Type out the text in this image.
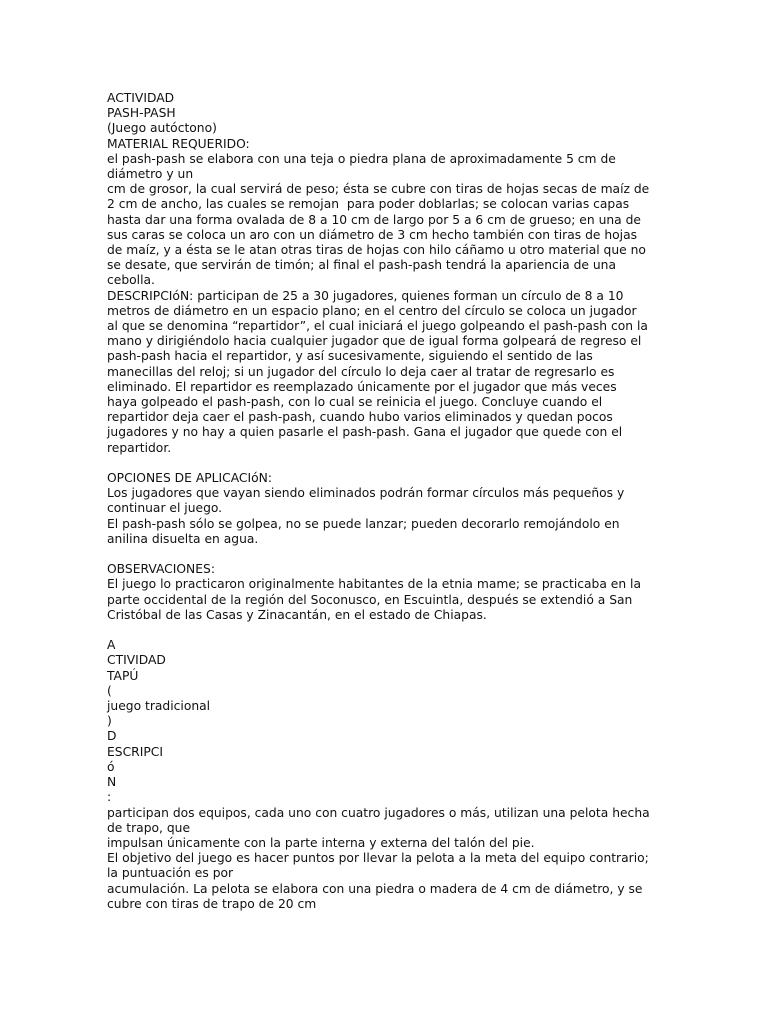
ACTIVIDAD
PASH-PASH
(Juego autóctono)
MATERIAL REQUERIDO:
el pash-pash se elabora con una teja o piedra plana de aproximadamente 5 cm de
diámetro y un
cm de grosor, la cual servirá de peso; ésta se cubre con tiras de hojas secas de maíz de
2 cm de ancho, las cuales se remojan  para poder doblarlas; se colocan varias capas
hasta dar una forma ovalada de 8 a 10 cm de largo por 5 a 6 cm de grueso; en una de
sus caras se coloca un aro con un diámetro de 3 cm hecho también con tiras de hojas
de maíz, y a ésta se le atan otras tiras de hojas con hilo cáñamo u otro material que no
se desate, que servirán de timón; al final el pash-pash tendrá la apariencia de una
cebolla.
DESCRIPCIóN: participan de 25 a 30 jugadores, quienes forman un círculo de 8 a 10
metros de diámetro en un espacio plano; en el centro del círculo se coloca un jugador
al que se denomina “repartidor”, el cual iniciará el juego golpeando el pash-pash con la
mano y dirigiéndolo hacia cualquier jugador que de igual forma golpeará de regreso el
pash-pash hacia el repartidor, y así sucesivamente, siguiendo el sentido de las
manecillas del reloj; si un jugador del círculo lo deja caer al tratar de regresarlo es
eliminado. El repartidor es reemplazado únicamente por el jugador que más veces
haya golpeado el pash-pash, con lo cual se reinicia el juego. Concluye cuando el
repartidor deja caer el pash-pash, cuando hubo varios eliminados y quedan pocos
jugadores y no hay a quien pasarle el pash-pash. Gana el jugador que quede con el
repartidor.
OPCIONES DE APLICACIóN:
Los jugadores que vayan siendo eliminados podrán formar círculos más pequeños y
continuar el juego.
El pash-pash sólo se golpea, no se puede lanzar; pueden decorarlo remojándolo en
anilina disuelta en agua.
OBSERVACIONES:
El juego lo practicaron originalmente habitantes de la etnia mame; se practicaba en la
parte occidental de la región del Soconusco, en Escuintla, después se extendió a San
Cristóbal de las Casas y Zinacantán, en el estado de Chiapas.
A
CTIVIDAD
TAPÚ
(
juego tradicional
)
D
ESCRIPCI
ó
N
:
participan dos equipos, cada uno con cuatro jugadores o más, utilizan una pelota hecha
de trapo, que
impulsan únicamente con la parte interna y externa del talón del pie.
El objetivo del juego es hacer puntos por llevar la pelota a la meta del equipo contrario;
la puntuación es por
acumulación. La pelota se elabora con una piedra o madera de 4 cm de diámetro, y se
cubre con tiras de trapo de 20 cm
